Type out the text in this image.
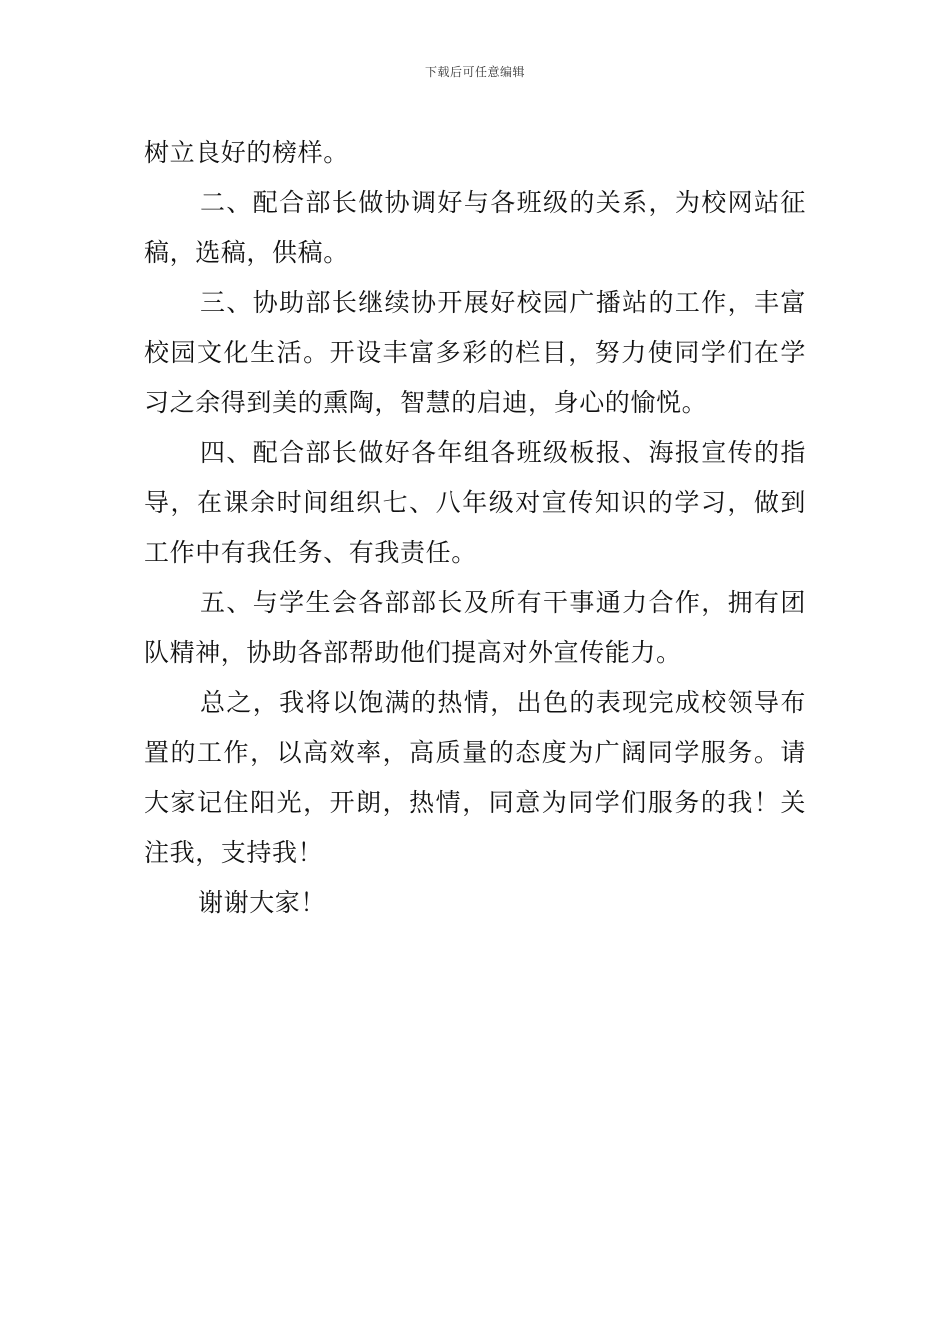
下载后可任意编辑

树立良好的榜样。

二、配合部长做协调好与各班级的关系，为校网站征稿，选稿，供稿。

三、协助部长继续协开展好校园广播站的工作，丰富校园文化生活。开设丰富多彩的栏目，努力使同学们在学习之余得到美的熏陶，智慧的启迪，身心的愉悦。

四、配合部长做好各年组各班级板报、海报宣传的指导，在课余时间组织七、八年级对宣传知识的学习，做到工作中有我任务、有我责任。

五、与学生会各部部长及所有干事通力合作，拥有团队精神，协助各部帮助他们提高对外宣传能力。

总之，我将以饱满的热情，出色的表现完成校领导布置的工作，以高效率，高质量的态度为广阔同学服务。请大家记住阳光，开朗，热情，同意为同学们服务的我！关注我，支持我！

谢谢大家！
